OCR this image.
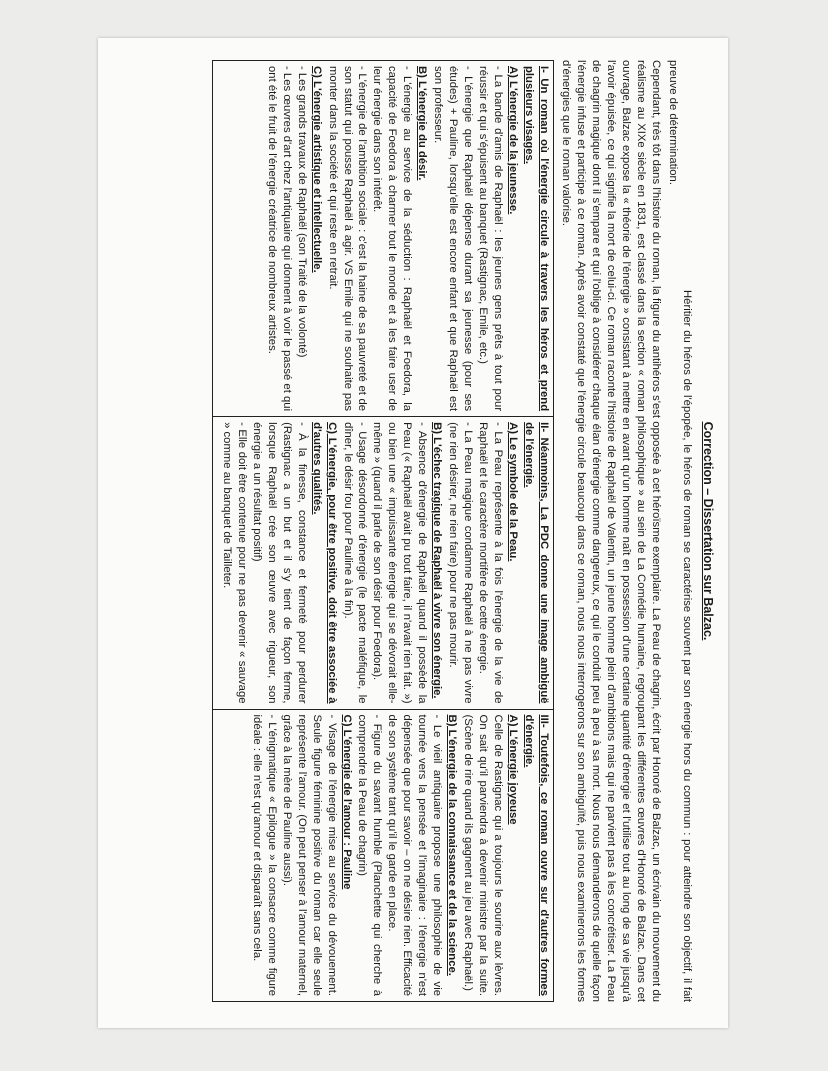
Correction – Dissertation sur Balzac.

Héritier du héros de l'épopée, le héros de roman se caractérise souvent par son énergie hors du commun : pour atteindre son objectif, il fait preuve de détermination.

Cependant, très tôt dans l'histoire du roman, la figure du antihéros s'est opposée à cet héroïsme exemplaire. La Peau de chagrin, écrit par Honoré de Balzac, un écrivain du mouvement du réalisme au XIXe siècle en 1831, est classé dans la section « roman philosophique » au sein de La Comédie humaine, regroupant les différentes œuvres d'Honoré de Balzac. Dans cet ouvrage, Balzac expose la « théorie de l'énergie » consistant à mettre en avant qu'un homme naît en possession d'une certaine quantité d'énergie et l'utilise tout au long de sa vie jusqu'à l'avoir épuisée, ce qui signifie la mort de celui-ci. Ce roman raconte l'histoire de Raphaël de Valentin, un jeune homme plein d'ambitions mais qui ne parvient pas à les concrétiser. La Peau de chagrin magique dont il s'empare et qui l'oblige à considérer chaque élan d'énergie comme dangereux, ce qui le conduit peu à peu à sa mort. Nous nous demanderons de quelle façon l'énergie infuse et participe à ce roman. Après avoir constaté que l'énergie circule beaucoup dans ce roman, nous nous interrogerons sur son ambiguïté, puis nous examinerons les formes d'énergies que le roman valorise.

I- Un roman où l'énergie circule à travers les héros et prend plusieurs visages.
A) L'énergie de la jeunesse.

- La bande d'amis de Raphaël : les jeunes gens prêts à tout pour réussir et qui s'épuisent au banquet (Rastignac, Emile, etc.)

- L'énergie que Raphaël dépense durant sa jeunesse (pour ses études) + Pauline, lorsqu'elle est encore enfant et que Raphaël est son professeur.

B) L'énergie du désir.

- L'énergie au service de la séduction : Raphaël et Foedora, la capacité de Foedora à charmer tout le monde et à les faire user de leur énergie dans son intérêt.

- L'énergie de l'ambition sociale : c'est la haine de sa pauvreté et de son statut qui pousse Raphaël à agir. VS Emile qui ne souhaite pas monter dans la société et qui reste en retrait.

C) L'énergie artistique et intellectuelle.

- Les grands travaux de Raphaël (son Traité de la volonté)

- Les œuvres d'art chez l'antiquaire qui donnent à voir le passé et qui ont été le fruit de l'énergie créatrice de nombreux artistes.

II- Néanmoins, La PDC donne une image ambiguë de l'énergie.
A) Le symbole de la Peau.

- La Peau représente à la fois l'énergie de la vie de Raphaël et le caractère mortifère de cette énergie.

- La Peau magique condamne Raphaël à ne pas vivre (ne rien désirer, ne rien faire) pour ne pas mourir.

B) L'échec tragique de Raphaël à vivre son énergie.

- Absence d'énergie de Raphaël quand il possède la Peau (« Raphaël avait pu tout faire, il n'avait rien fait. ») ou bien une « impuissante énergie qui se dévorait elle-même » (quand il parle de son désir pour Foedora).

- Usage désordonné d'énergie (le pacte maléfique, le dîner, le désir fou pour Pauline à la fin).

C) L'énergie, pour être positive, doit être associée à d'autres qualités.

- À la finesse, constance et fermeté pour perdurer (Rastignac a un but et il s'y tient de façon ferme, lorsque Raphaël crée son œuvre avec rigueur, son énergie a un résultat positif)

- Elle doit être contenue pour ne pas devenir « sauvage » comme au banquet de Tailleter.

III- Toutefois, ce roman ouvre sur d'autres formes d'énergie.
A) L'énergie joyeuse

Celle de Rastignac qui a toujours le sourire aux lèvres. On sait qu'il parviendra à devenir ministre par la suite. (Scène de rire quand ils gagnent au jeu avec Raphaël.)

B) L'énergie de la connaissance et de la science.

- Le vieil antiquaire propose une philosophie de vie tournée vers la pensée et l'imaginaire : l'énergie n'est dépensée que pour savoir – on ne désire rien. Efficacité de son système tant qu'il le garde en place.

- Figure du savant humble (Planchette qui cherche à comprendre la Peau de chagrin)

C) L'énergie de l'amour : Pauline

- Visage de l'énergie mise au service du dévouement. Seule figure féminine positive du roman car elle seule représente l'amour. (On peut penser à l'amour maternel, grâce à la mère de Pauline aussi).

- L'énigmatique « Epilogue » la consacre comme figure idéale : elle n'est qu'amour et disparaît sans cela.
